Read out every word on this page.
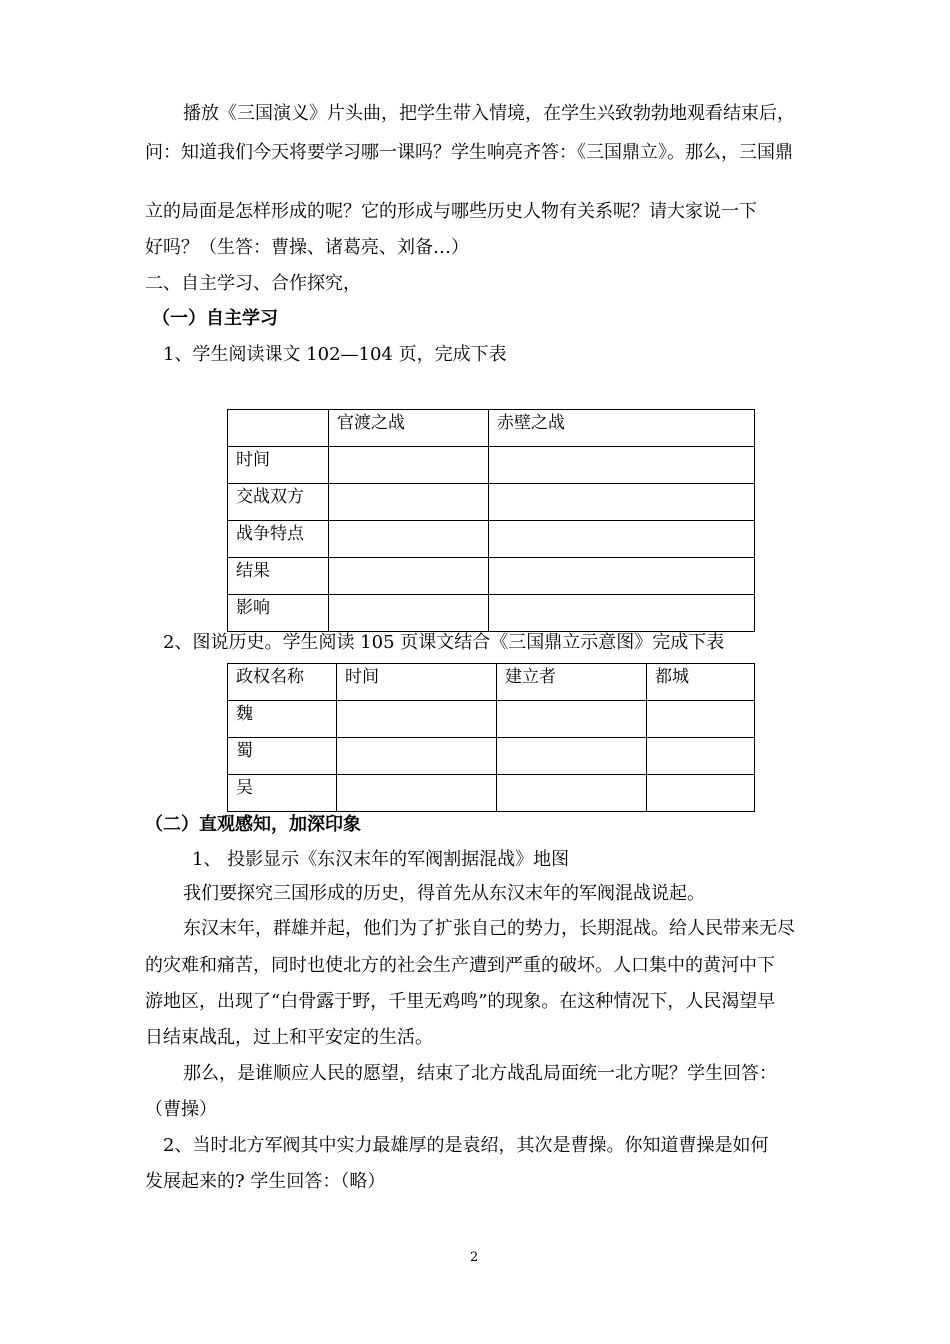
播放《三国演义》片头曲，把学生带入情境，在学生兴致勃勃地观看结束后，
问：知道我们今天将要学习哪一课吗？学生响亮齐答：《三国鼎立》。那么，三国鼎
立的局面是怎样形成的呢？它的形成与哪些历史人物有关系呢？请大家说一下
好吗？（生答：曹操、诸葛亮、刘备…）
二、自主学习、合作探究，
（一）自主学习
1、学生阅读课文 102—104 页，完成下表
	官渡之战	赤壁之战
时间		
交战双方		
战争特点		
结果		
影响		
2、图说历史。学生阅读 105 页课文结合《三国鼎立示意图》完成下表
政权名称	时间	建立者	都城
魏			
蜀			
吴			
（二）直观感知，加深印象
1、 投影显示《东汉末年的军阀割据混战》地图
我们要探究三国形成的历史，得首先从东汉末年的军阀混战说起。
东汉末年，群雄并起，他们为了扩张自己的势力，长期混战。给人民带来无尽
的灾难和痛苦，同时也使北方的社会生产遭到严重的破坏。人口集中的黄河中下
游地区，出现了“白骨露于野，千里无鸡鸣”的现象。在这种情况下，人民渴望早
日结束战乱，过上和平安定的生活。
那么，是谁顺应人民的愿望，结束了北方战乱局面统一北方呢？学生回答：
（曹操）
2、当时北方军阀其中实力最雄厚的是袁绍，其次是曹操。你知道曹操是如何
发展起来的? 学生回答：（略）
2
